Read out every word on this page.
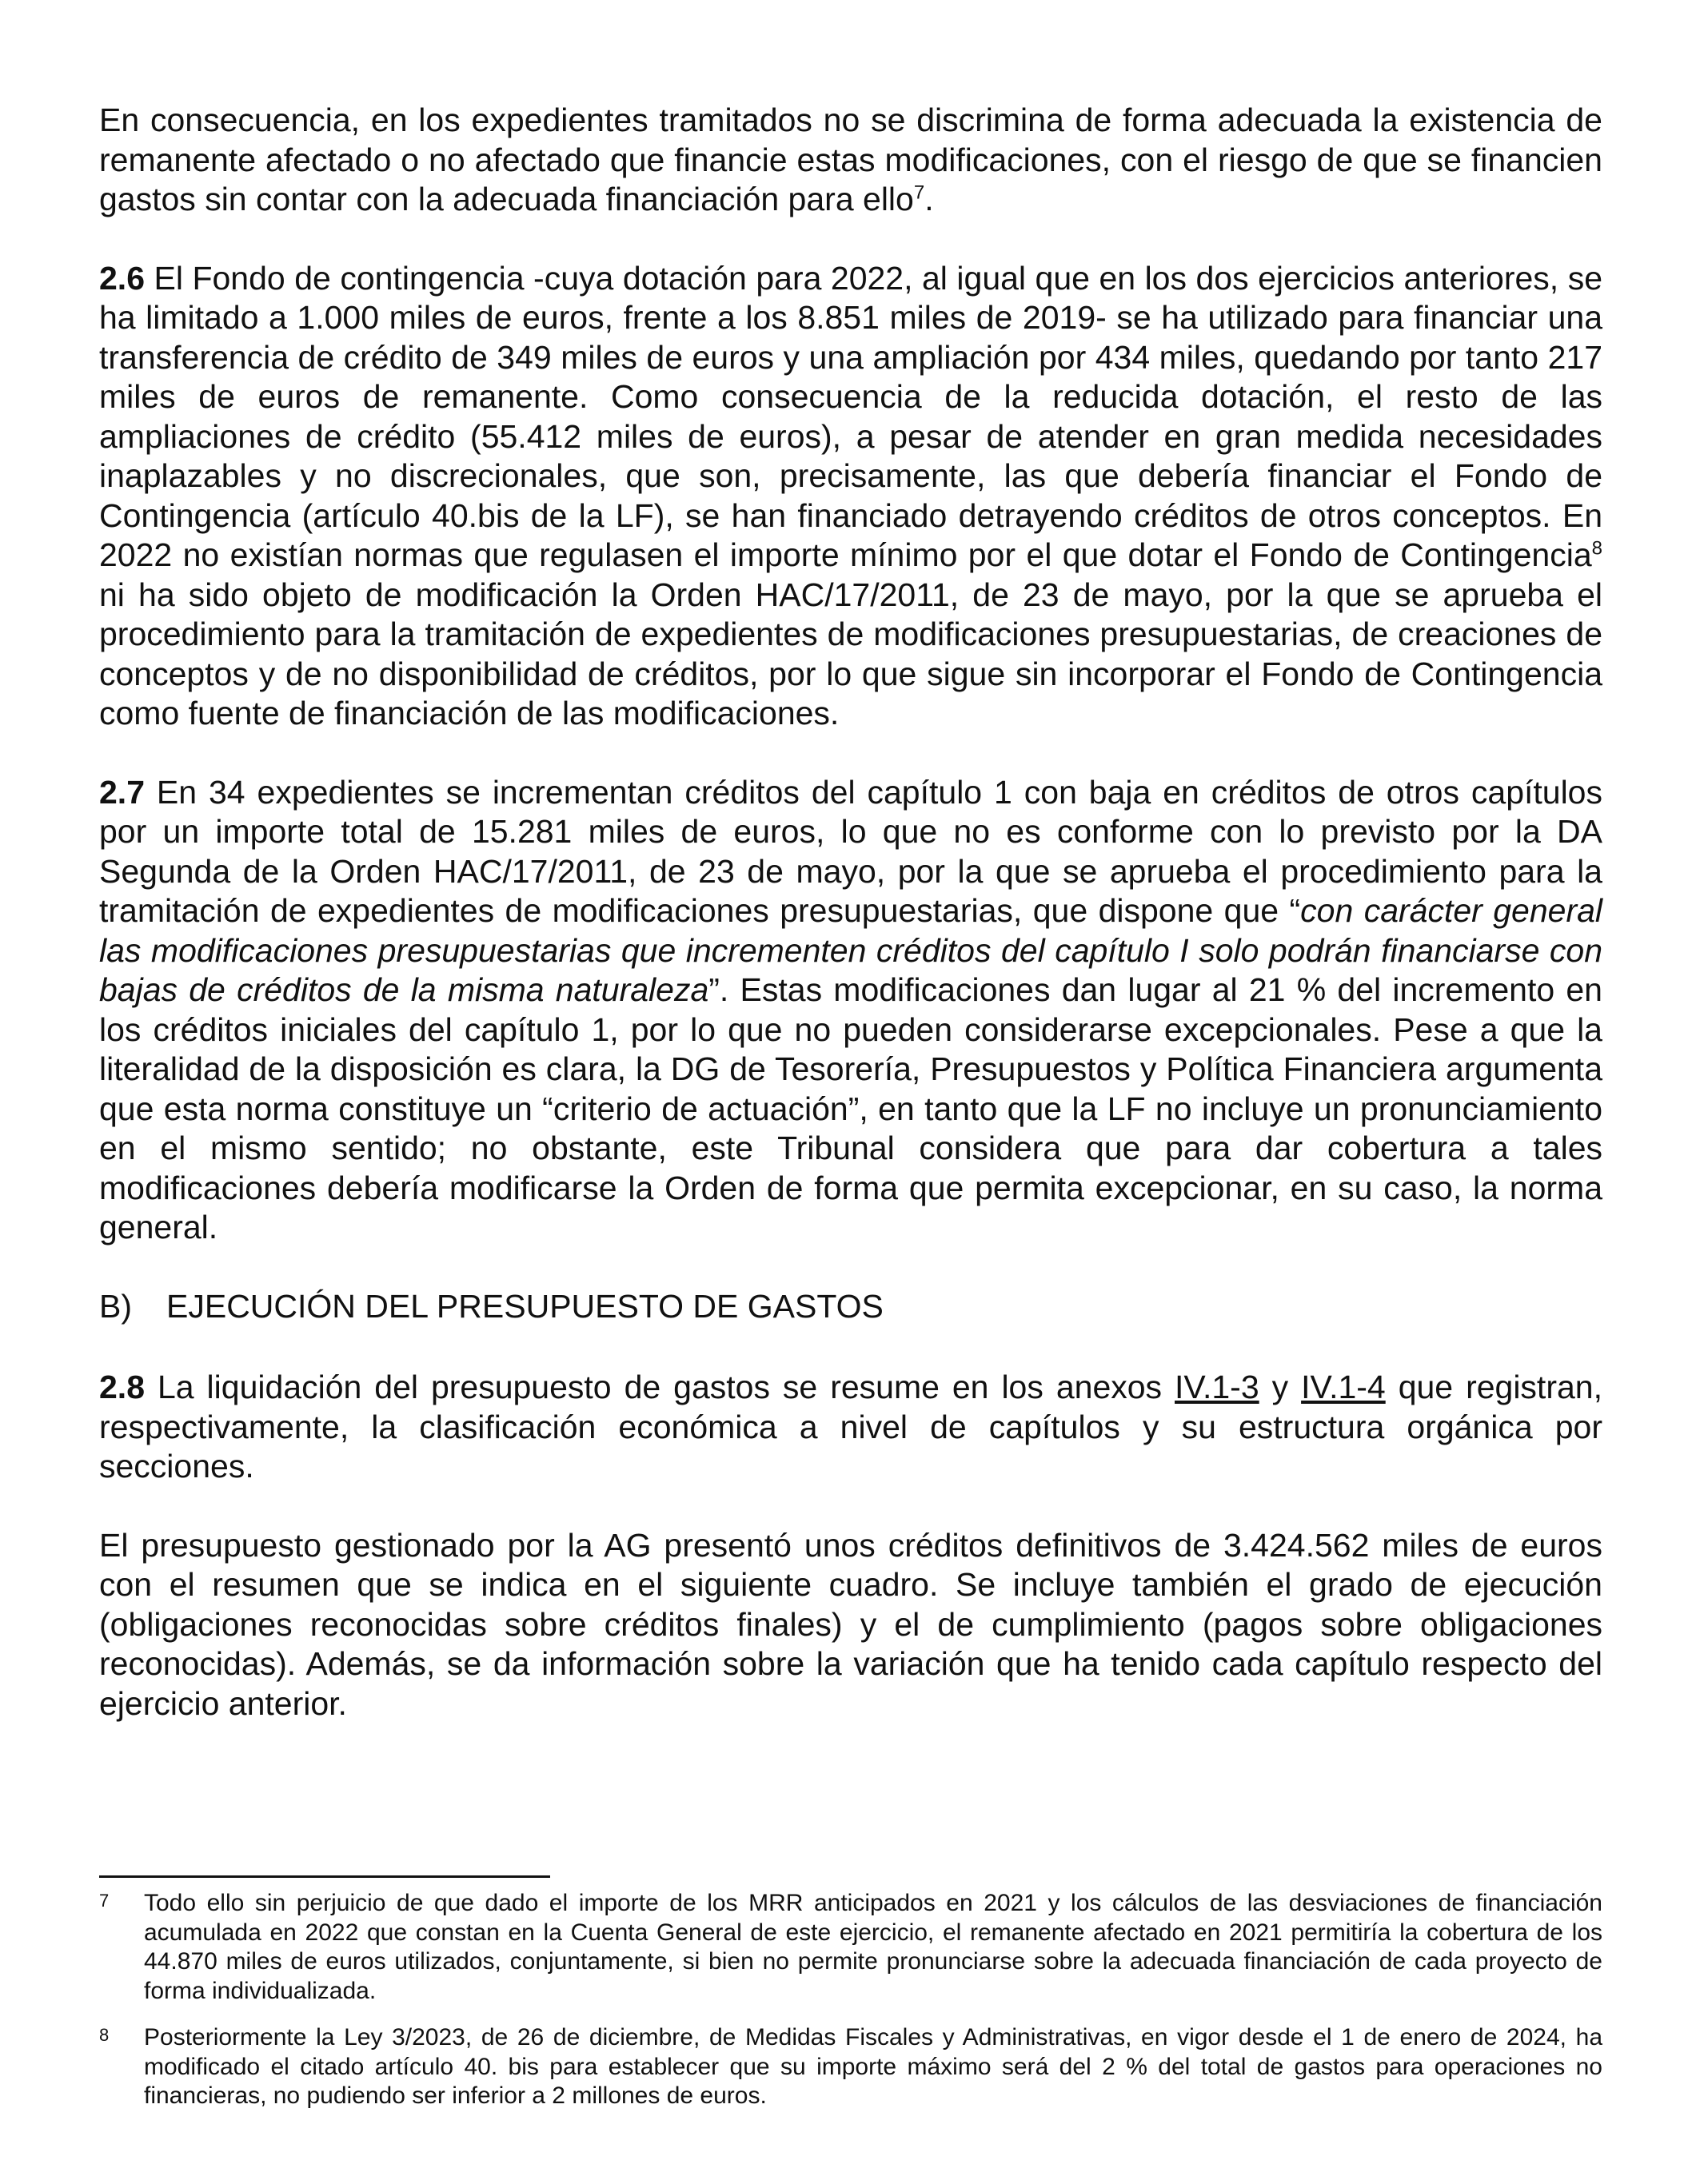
En consecuencia, en los expedientes tramitados no se discrimina de forma adecuada la existencia de remanente afectado o no afectado que financie estas modificaciones, con el riesgo de que se financien gastos sin contar con la adecuada financiación para ello$^7$.

2.6 El Fondo de contingencia -cuya dotación para 2022, al igual que en los dos ejercicios anteriores, se ha limitado a 1.000 miles de euros, frente a los 8.851 miles de 2019- se ha utilizado para financiar una transferencia de crédito de 349 miles de euros y una ampliación por 434 miles, quedando por tanto 217 miles de euros de remanente. Como consecuencia de la reducida dotación, el resto de las ampliaciones de crédito (55.412 miles de euros), a pesar de atender en gran medida necesidades inaplazables y no discrecionales, que son, precisamente, las que debería financiar el Fondo de Contingencia (artículo 40.bis de la LF), se han financiado detrayendo créditos de otros conceptos. En 2022 no existían normas que regulasen el importe mínimo por el que dotar el Fondo de Contingencia$^8$ ni ha sido objeto de modificación la Orden HAC/17/2011, de 23 de mayo, por la que se aprueba el procedimiento para la tramitación de expedientes de modificaciones presupuestarias, de creaciones de conceptos y de no disponibilidad de créditos, por lo que sigue sin incorporar el Fondo de Contingencia como fuente de financiación de las modificaciones.

2.7 En 34 expedientes se incrementan créditos del capítulo 1 con baja en créditos de otros capítulos por un importe total de 15.281 miles de euros, lo que no es conforme con lo previsto por la DA Segunda de la Orden HAC/17/2011, de 23 de mayo, por la que se aprueba el procedimiento para la tramitación de expedientes de modificaciones presupuestarias, que dispone que “con carácter general las modificaciones presupuestarias que incrementen créditos del capítulo I solo podrán financiarse con bajas de créditos de la misma naturaleza”. Estas modificaciones dan lugar al 21 % del incremento en los créditos iniciales del capítulo 1, por lo que no pueden considerarse excepcionales. Pese a que la literalidad de la disposición es clara, la DG de Tesorería, Presupuestos y Política Financiera argumenta que esta norma constituye un “criterio de actuación”, en tanto que la LF no incluye un pronunciamiento en el mismo sentido; no obstante, este Tribunal considera que para dar cobertura a tales modificaciones debería modificarse la Orden de forma que permita excepcionar, en su caso, la norma general.

B)	EJECUCIÓN DEL PRESUPUESTO DE GASTOS

2.8 La liquidación del presupuesto de gastos se resume en los anexos IV.1-3 y IV.1-4 que registran, respectivamente, la clasificación económica a nivel de capítulos y su estructura orgánica por secciones.

El presupuesto gestionado por la AG presentó unos créditos definitivos de 3.424.562 miles de euros con el resumen que se indica en el siguiente cuadro. Se incluye también el grado de ejecución (obligaciones reconocidas sobre créditos finales) y el de cumplimiento (pagos sobre obligaciones reconocidas). Además, se da información sobre la variación que ha tenido cada capítulo respecto del ejercicio anterior.

7	Todo ello sin perjuicio de que dado el importe de los MRR anticipados en 2021 y los cálculos de las desviaciones de financiación acumulada en 2022 que constan en la Cuenta General de este ejercicio, el remanente afectado en 2021 permitiría la cobertura de los 44.870 miles de euros utilizados, conjuntamente, si bien no permite pronunciarse sobre la adecuada financiación de cada proyecto de forma individualizada.
8	Posteriormente la Ley 3/2023, de 26 de diciembre, de Medidas Fiscales y Administrativas, en vigor desde el 1 de enero de 2024, ha modificado el citado artículo 40. bis para establecer que su importe máximo será del 2 % del total de gastos para operaciones no financieras, no pudiendo ser inferior a 2 millones de euros.
